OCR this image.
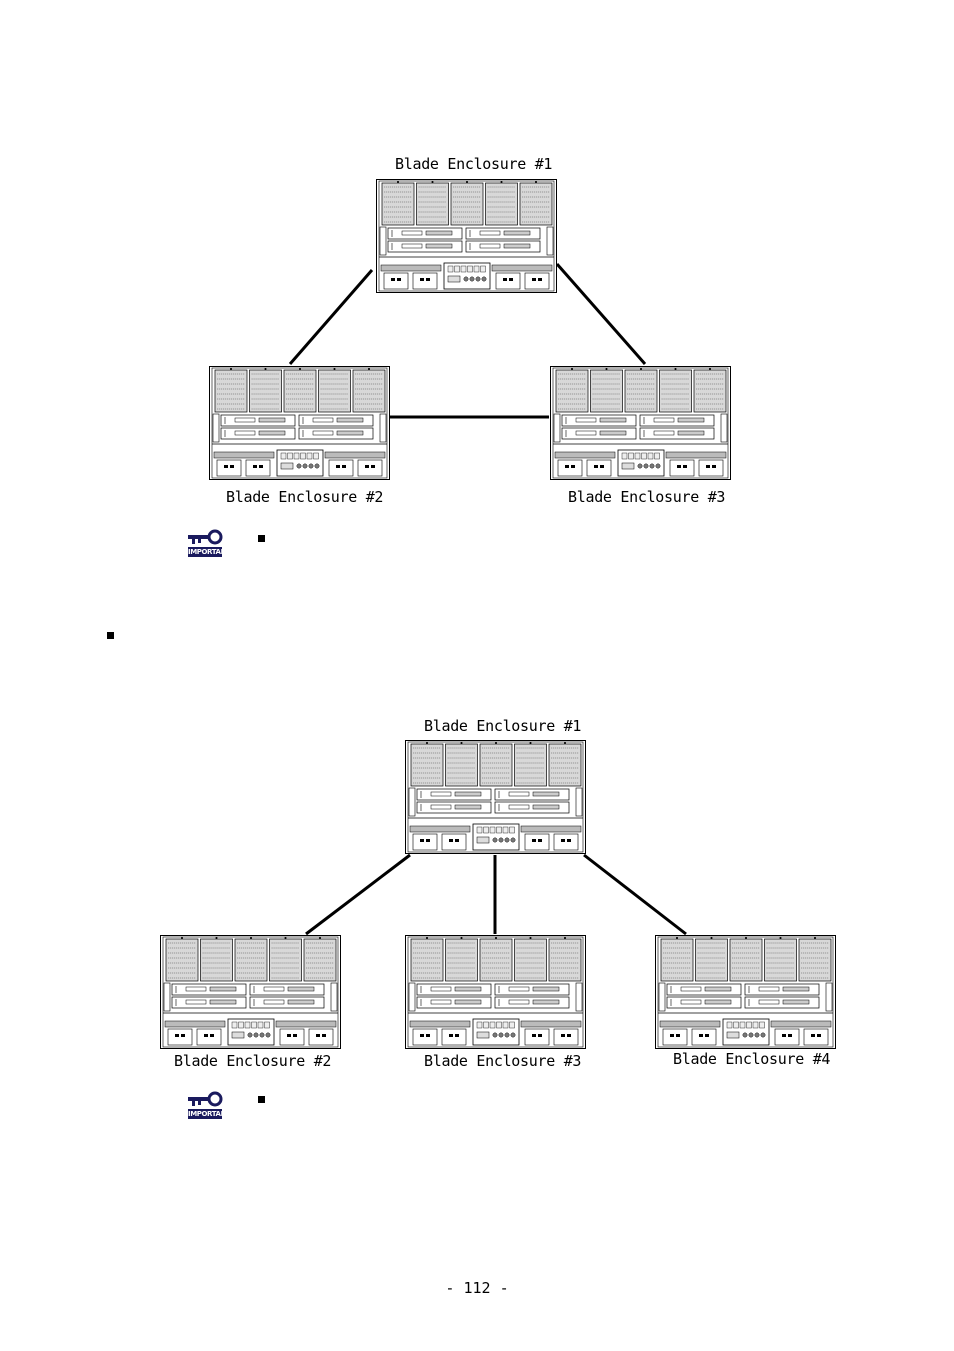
Blade Enclosure #1
Blade Enclosure #2	Blade Enclosure #3
IMPORTANT
Blade Enclosure #1
Blade Enclosure #2	Blade Enclosure #3	Blade Enclosure #4
IMPORTANT
- 112 -
